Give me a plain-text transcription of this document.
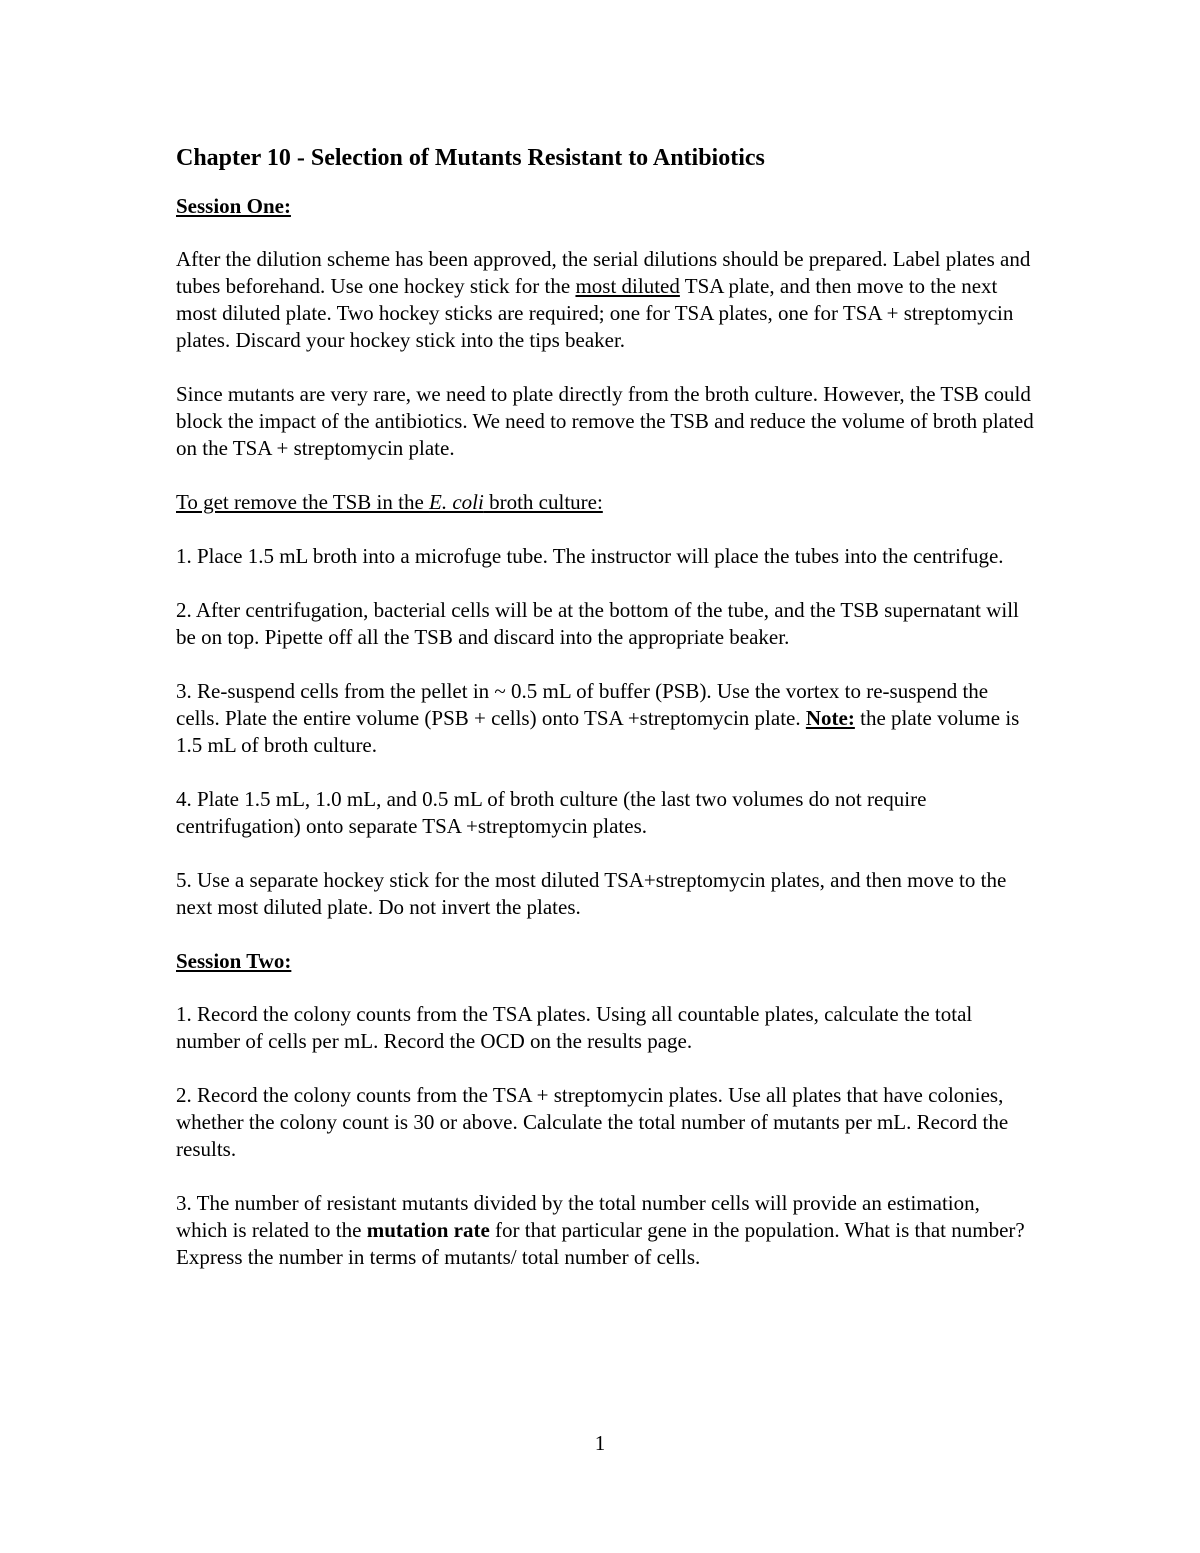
Chapter 10 - Selection of Mutants Resistant to Antibiotics
Session One:

After the dilution scheme has been approved, the serial dilutions should be prepared. Label plates and tubes beforehand. Use one hockey stick for the most diluted TSA plate, and then move to the next most diluted plate. Two hockey sticks are required; one for TSA plates, one for TSA + streptomycin plates. Discard your hockey stick into the tips beaker.

Since mutants are very rare, we need to plate directly from the broth culture. However, the TSB could block the impact of the antibiotics. We need to remove the TSB and reduce the volume of broth plated on the TSA + streptomycin plate.

To get remove the TSB in the E. coli broth culture:

1. Place 1.5 mL broth into a microfuge tube. The instructor will place the tubes into the centrifuge.

2. After centrifugation, bacterial cells will be at the bottom of the tube, and the TSB supernatant will be on top. Pipette off all the TSB and discard into the appropriate beaker.

3. Re-suspend cells from the pellet in ~ 0.5 mL of buffer (PSB). Use the vortex to re-suspend the cells. Plate the entire volume (PSB + cells) onto TSA +streptomycin plate. Note: the plate volume is 1.5 mL of broth culture.

4. Plate 1.5 mL, 1.0 mL, and 0.5 mL of broth culture (the last two volumes do not require centrifugation) onto separate TSA +streptomycin plates.

5. Use a separate hockey stick for the most diluted TSA+streptomycin plates, and then move to the next most diluted plate. Do not invert the plates.

Session Two:

1. Record the colony counts from the TSA plates. Using all countable plates, calculate the total number of cells per mL. Record the OCD on the results page.

2. Record the colony counts from the TSA + streptomycin plates. Use all plates that have colonies, whether the colony count is 30 or above. Calculate the total number of mutants per mL. Record the results.

3. The number of resistant mutants divided by the total number cells will provide an estimation, which is related to the mutation rate for that particular gene in the population. What is that number? Express the number in terms of mutants/ total number of cells.

1
